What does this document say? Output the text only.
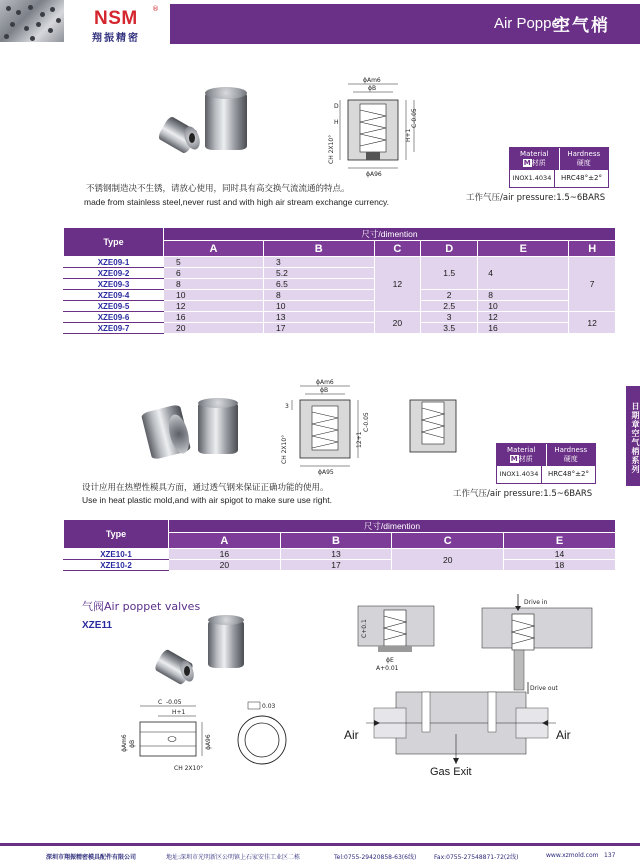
NSM ®
翔振精密
Air Poppet
空气梢
日期章空气梢系列
ϕAm6
ϕB
D
H	C-0.05
H+1
CH 2X10°
ϕA96
Material
M材质
Hardness
硬度
INOX1.4034	HRC48°±2°
工作气压/air pressure:1.5~6BARS
不锈钢制造决不生锈，请放心使用，同时具有高交换气流流通的特点。
made from stainless steel,never rust and with high air stream exchange currency.
Type	尺寸/dimention					
	A	B	C	D	E	H
XZE09-1	5	3	12	1.5	4	7
XZE09-2	6	5.2				
XZE09-3	8	6.5				
XZE09-4	10	8		2	8	
XZE09-5	12	10		2.5	10	
XZE09-6	16	13	20	3	12	12
XZE09-7	20	17		3.5	16	
ϕAm6
ϕB
3
C-0.05
12+1
CH 2X10°
ϕA95
Material
M材质
Hardness
硬度
INOX1.4034	HRC48°±2°
工作气压/air pressure:1.5~6BARS
设计应用在热塑性模具方面，通过透气钢来保证正确功能的使用。
Use in heat plastic mold,and with air spigot to make sure use right.
Type	尺寸/dimention			
	A	B	C	E
XZE10-1	16	13	20	14
XZE10-2	20	17		18
气阀Air poppet valves
XZE11
C -0.05
H+1
ϕAm6 ϕB	ϕA96
CH 2X10°
0.03
C+0.1
ϕE
A+0.01
Drive in
Drive out
Air	Air
Gas Exit
深圳市翔振精密模具配件有限公司	地址:深圳市光明新区公明镇上石家安佳工业区二栋	Tel:0755-29420858-63(6线)	Fax:0755-27548871-72(2线)	www.xzmold.com 137
